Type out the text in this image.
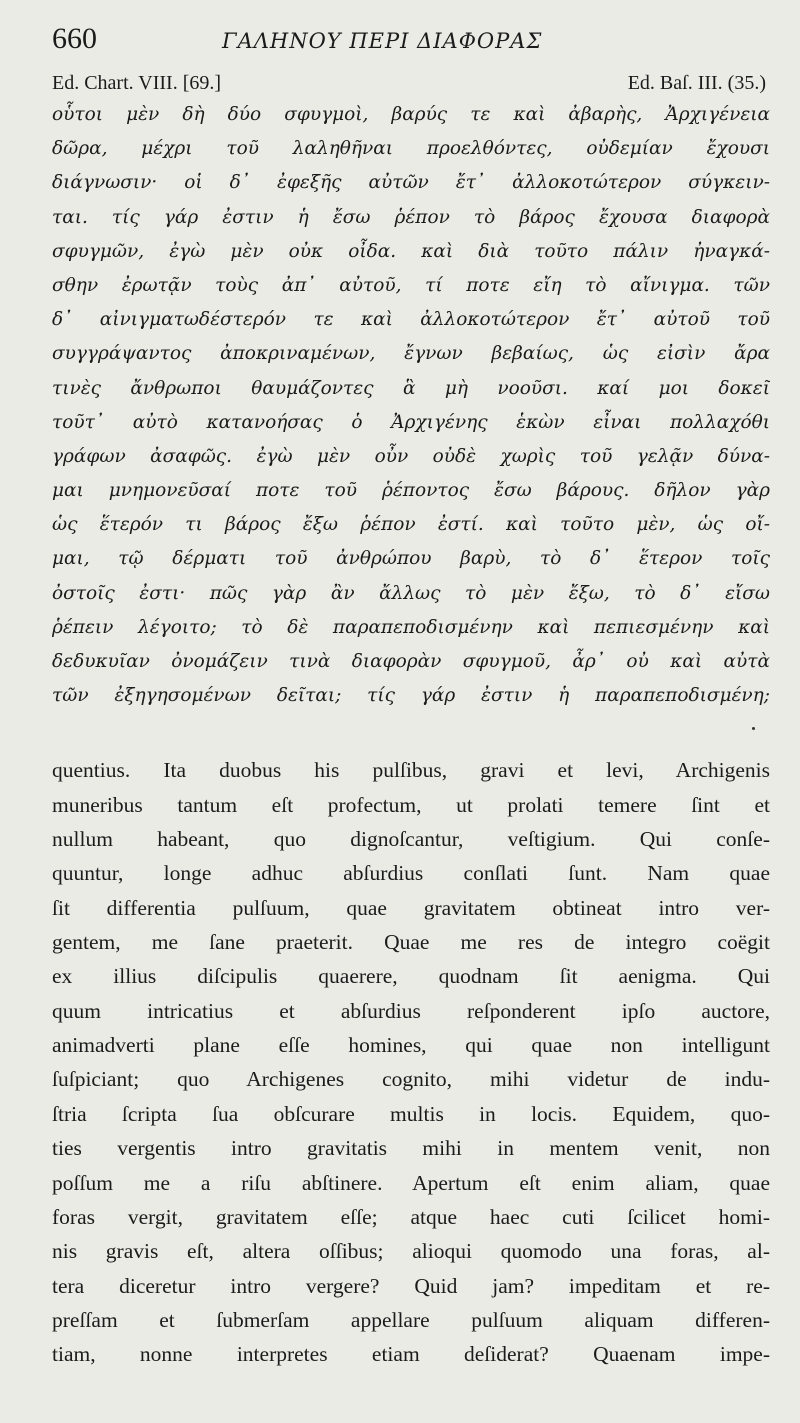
660	ΓΑΛΗΝΟΥ ΠΕΡΙ ΔΙΑΦΟΡΑΣ
Ed. Chart. VIII. [69.]	Ed. Baſ. III. (35.)
οὗτοι μὲν δὴ δύο σφυγμοὶ, βαρύς τε καὶ ἀβαρὴς, Ἀρχιγένεια
δῶρα, μέχρι τοῦ λαληθῆναι προελθόντες, οὐδεμίαν ἔχουσι
διάγνωσιν· οἱ δ᾽ ἐφεξῆς αὐτῶν ἔτ᾽ ἀλλοκοτώτερον σύγκειν-
ται. τίς γάρ ἐστιν ἡ ἔσω ῥέπον τὸ βάρος ἔχουσα διαφορὰ
σφυγμῶν, ἐγὼ μὲν οὐκ οἶδα. καὶ διὰ τοῦτο πάλιν ἠναγκά-
σθην ἐρωτᾷν τοὺς ἀπ᾽ αὐτοῦ, τί ποτε εἴη τὸ αἴνιγμα. τῶν
δ᾽ αἰνιγματωδέστερόν τε καὶ ἀλλοκοτώτερον ἔτ᾽ αὐτοῦ τοῦ
συγγράψαντος ἀποκριναμένων, ἔγνων βεβαίως, ὡς εἰσὶν ἄρα
τινὲς ἄνθρωποι θαυμάζοντες ἃ μὴ νοοῦσι. καί μοι δοκεῖ
τοῦτ᾽ αὐτὸ κατανοήσας ὁ Ἀρχιγένης ἑκὼν εἶναι πολλαχόθι
γράφων ἀσαφῶς. ἐγὼ μὲν οὖν οὐδὲ χωρὶς τοῦ γελᾷν δύνα-
μαι μνημονεῦσαί ποτε τοῦ ῥέποντος ἔσω βάρους. δῆλον γὰρ
ὡς ἕτερόν τι βάρος ἔξω ῥέπον ἐστί. καὶ τοῦτο μὲν, ὡς οἴ-
μαι, τῷ δέρματι τοῦ ἀνθρώπου βαρὺ, τὸ δ᾽ ἕτερον τοῖς
ὀστοῖς ἐστι· πῶς γὰρ ἂν ἄλλως τὸ μὲν ἔξω, τὸ δ᾽ εἴσω
ῥέπειν λέγοιτο; τὸ δὲ παραπεποδισμένην καὶ πεπιεσμένην καὶ
δεδυκυῖαν ὀνομάζειν τινὰ διαφορὰν σφυγμοῦ, ἆρ᾽ οὐ καὶ αὐτὰ
τῶν ἐξηγησομένων δεῖται; τίς γάρ ἐστιν ἡ παραπεποδισμένη;
quentius. Ita duobus his pulſibus, gravi et levi, Archigenis
muneribus tantum eſt profectum, ut prolati temere ſint et
nullum habeant, quo dignoſcantur, veſtigium. Qui conſe-
quuntur, longe adhuc abſurdius conſlati ſunt. Nam quae
ſit differentia pulſuum, quae gravitatem obtineat intro ver-
gentem, me ſane praeterit. Quae me res de integro coëgit
ex illius diſcipulis quaerere, quodnam ſit aenigma. Qui
quum intricatius et abſurdius reſponderent ipſo auctore,
animadverti plane eſſe homines, qui quae non intelligunt
ſuſpiciant; quo Archigenes cognito, mihi videtur de indu-
ſtria ſcripta ſua obſcurare multis in locis. Equidem, quo-
ties vergentis intro gravitatis mihi in mentem venit, non
poſſum me a riſu abſtinere. Apertum eſt enim aliam, quae
foras vergit, gravitatem eſſe; atque haec cuti ſcilicet homi-
nis gravis eſt, altera oſſibus; alioqui quomodo una foras, al-
tera diceretur intro vergere? Quid jam? impeditam et re-
preſſam et ſubmerſam appellare pulſuum aliquam differen-
tiam, nonne interpretes etiam deſiderat? Quaenam impe-
